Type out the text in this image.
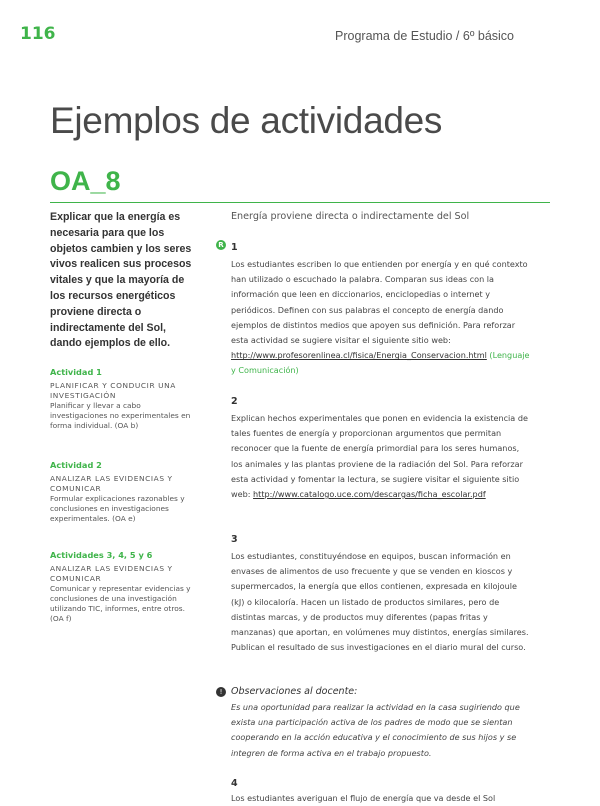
116	Programa de Estudio / 6º básico
Ejemplos de actividades
OA_8

Explicar que la energía es necesaria para que los objetos cambien y los seres vivos realicen sus procesos vitales y que la mayoría de los recursos energéticos proviene directa o indirectamente del Sol, dando ejemplos de ello.

Actividad 1

PLANIFICAR Y CONDUCIR UNA INVESTIGACIÓN

Planificar y llevar a cabo investigaciones no experimentales en forma individual. (OA b)

Actividad 2

ANALIZAR LAS EVIDENCIAS Y COMUNICAR

Formular explicaciones razonables y conclusiones en investigaciones experimentales. (OA e)

Actividades 3, 4, 5 y 6

ANALIZAR LAS EVIDENCIAS Y COMUNICAR

Comunicar y representar evidencias y conclusiones de una investigación utilizando TIC, informes, entre otros. (OA f)

Energía proviene directa o indirectamente del Sol
R 1

Los estudiantes escriben lo que entienden por energía y en qué contexto han utilizado o escuchado la palabra. Comparan sus ideas con la información que leen en diccionarios, enciclopedias o internet y periódicos. Definen con sus palabras el concepto de energía dando ejemplos de distintos medios que apoyen sus definición. Para reforzar esta actividad se sugiere visitar el siguiente sitio web: http://www.profesorenlinea.cl/fisica/Energia_Conservacion.html (Lenguaje y Comunicación)

2

Explican hechos experimentales que ponen en evidencia la existencia de tales fuentes de energía y proporcionan argumentos que permitan reconocer que la fuente de energía primordial para los seres humanos, los animales y las plantas proviene de la radiación del Sol. Para reforzar esta actividad y fomentar la lectura, se sugiere visitar el siguiente sitio web: http://www.catalogo.uce.com/descargas/ficha_escolar.pdf

3

Los estudiantes, constituyéndose en equipos, buscan información en envases de alimentos de uso frecuente y que se venden en kioscos y supermercados, la energía que ellos contienen, expresada en kilojoule (kJ) o kilocaloría. Hacen un listado de productos similares, pero de distintas marcas, y de productos muy diferentes (papas fritas y manzanas) que aportan, en volúmenes muy distintos, energías similares. Publican el resultado de sus investigaciones en el diario mural del curso.

! Observaciones al docente:

Es una oportunidad para realizar la actividad en la casa sugiriendo que exista una participación activa de los padres de modo que se sientan cooperando en la acción educativa y el conocimiento de sus hijos y se integren de forma activa en el trabajo propuesto.

4

Los estudiantes averiguan el flujo de energía que va desde el Sol
